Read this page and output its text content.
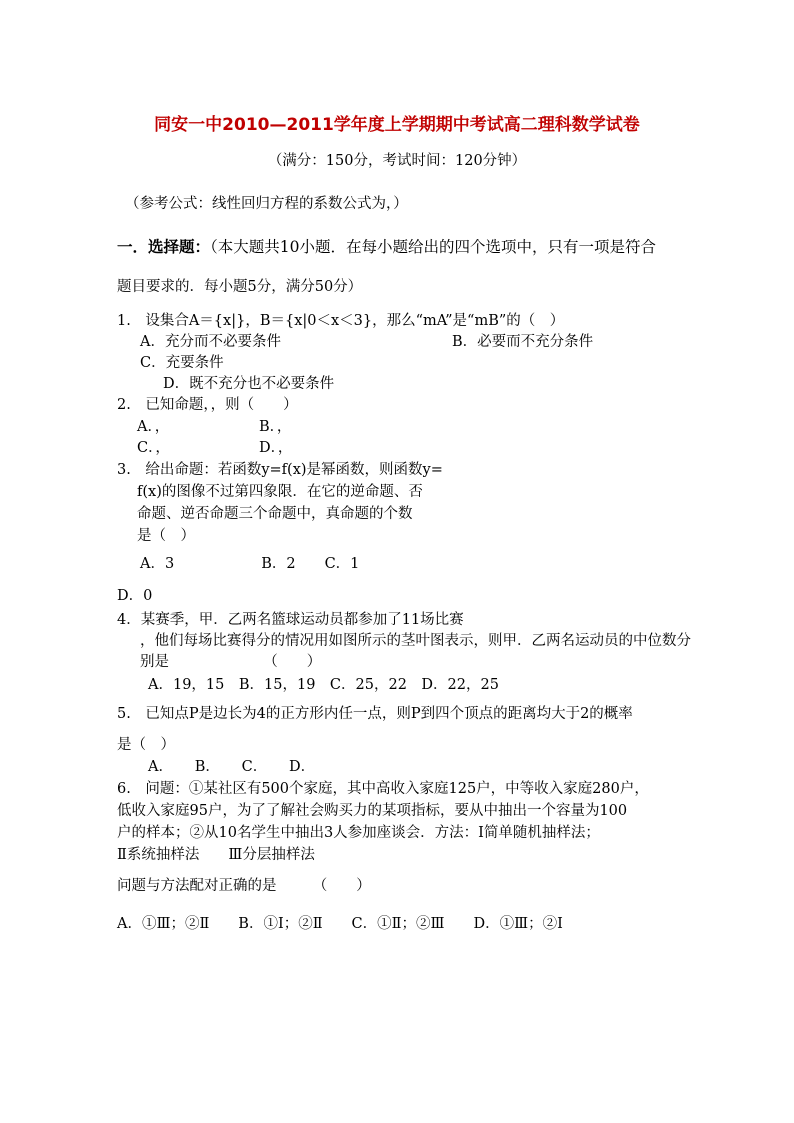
同安一中2010—2011学年度上学期期中考试高二理科数学试卷
（满分：150分，考试时间：120分钟）
（参考公式：线性回归方程的系数公式为，）
一．选择题：（本大题共10小题．在每小题给出的四个选项中，只有一项是符合
题目要求的．每小题5分，满分50分）
1.　设集合A＝{x|}，B＝{x|0＜x＜3}，那么“mA”是“mB”的（　）
A．充分而不必要条件	B．必要而不充分条件
C．充要条件
D．既不充分也不必要条件
2.　已知命题，，则（　　）
A．，	B．，
C．，	D．，
3.　给出命题：若函数y=f(x)是幂函数，则函数y=
f(x)的图像不过第四象限．在它的逆命题、否
命题、逆否命题三个命题中，真命题的个数
是（　）
A．3　　　　　　B．2　　C．1
D．0
4．某赛季，甲．乙两名篮球运动员都参加了11场比赛
，他们每场比赛得分的情况用如图所示的茎叶图表示，则甲．乙两名运动员的中位数分
别是　　　　　　　（　　）
A．19，15　B．15，19　C．25，22　D．22，25
5.　已知点P是边长为4的正方形内任一点，则P到四个顶点的距离均大于2的概率
是（　）
A．　　B．　　C．　　D．
6.　问题：①某社区有500个家庭，其中高收入家庭125户，中等收入家庭280户，
低收入家庭95户，为了了解社会购买力的某项指标，要从中抽出一个容量为100
户的样本；②从10名学生中抽出3人参加座谈会．方法：Ⅰ简单随机抽样法；
Ⅱ系统抽样法　　Ⅲ分层抽样法
问题与方法配对正确的是　　　（　　）
A．①Ⅲ；②Ⅱ　　B．①Ⅰ；②Ⅱ　　C．①Ⅱ；②Ⅲ　　D．①Ⅲ；②Ⅰ
